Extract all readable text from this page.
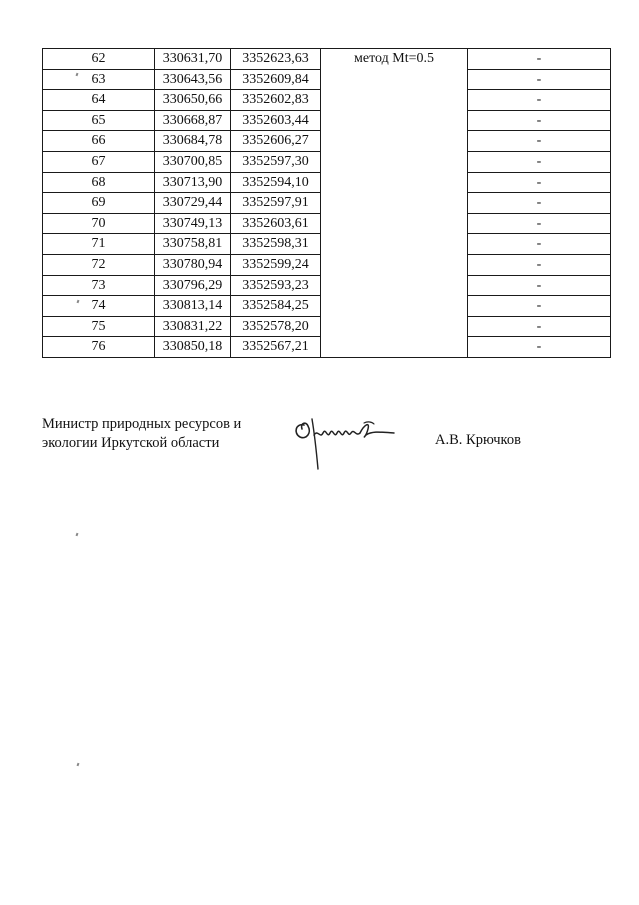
62	330631,70	3352623,63	метод Mt=0.5	-
63	330643,56	3352609,84		-
64	330650,66	3352602,83		-
65	330668,87	3352603,44		-
66	330684,78	3352606,27		-
67	330700,85	3352597,30		-
68	330713,90	3352594,10		-
69	330729,44	3352597,91		-
70	330749,13	3352603,61		-
71	330758,81	3352598,31		-
72	330780,94	3352599,24		-
73	330796,29	3352593,23		-
74	330813,14	3352584,25		-
75	330831,22	3352578,20		-
76	330850,18	3352567,21		-
Министр природных ресурсов и
экологии Иркутской области	А.В. Крючков
